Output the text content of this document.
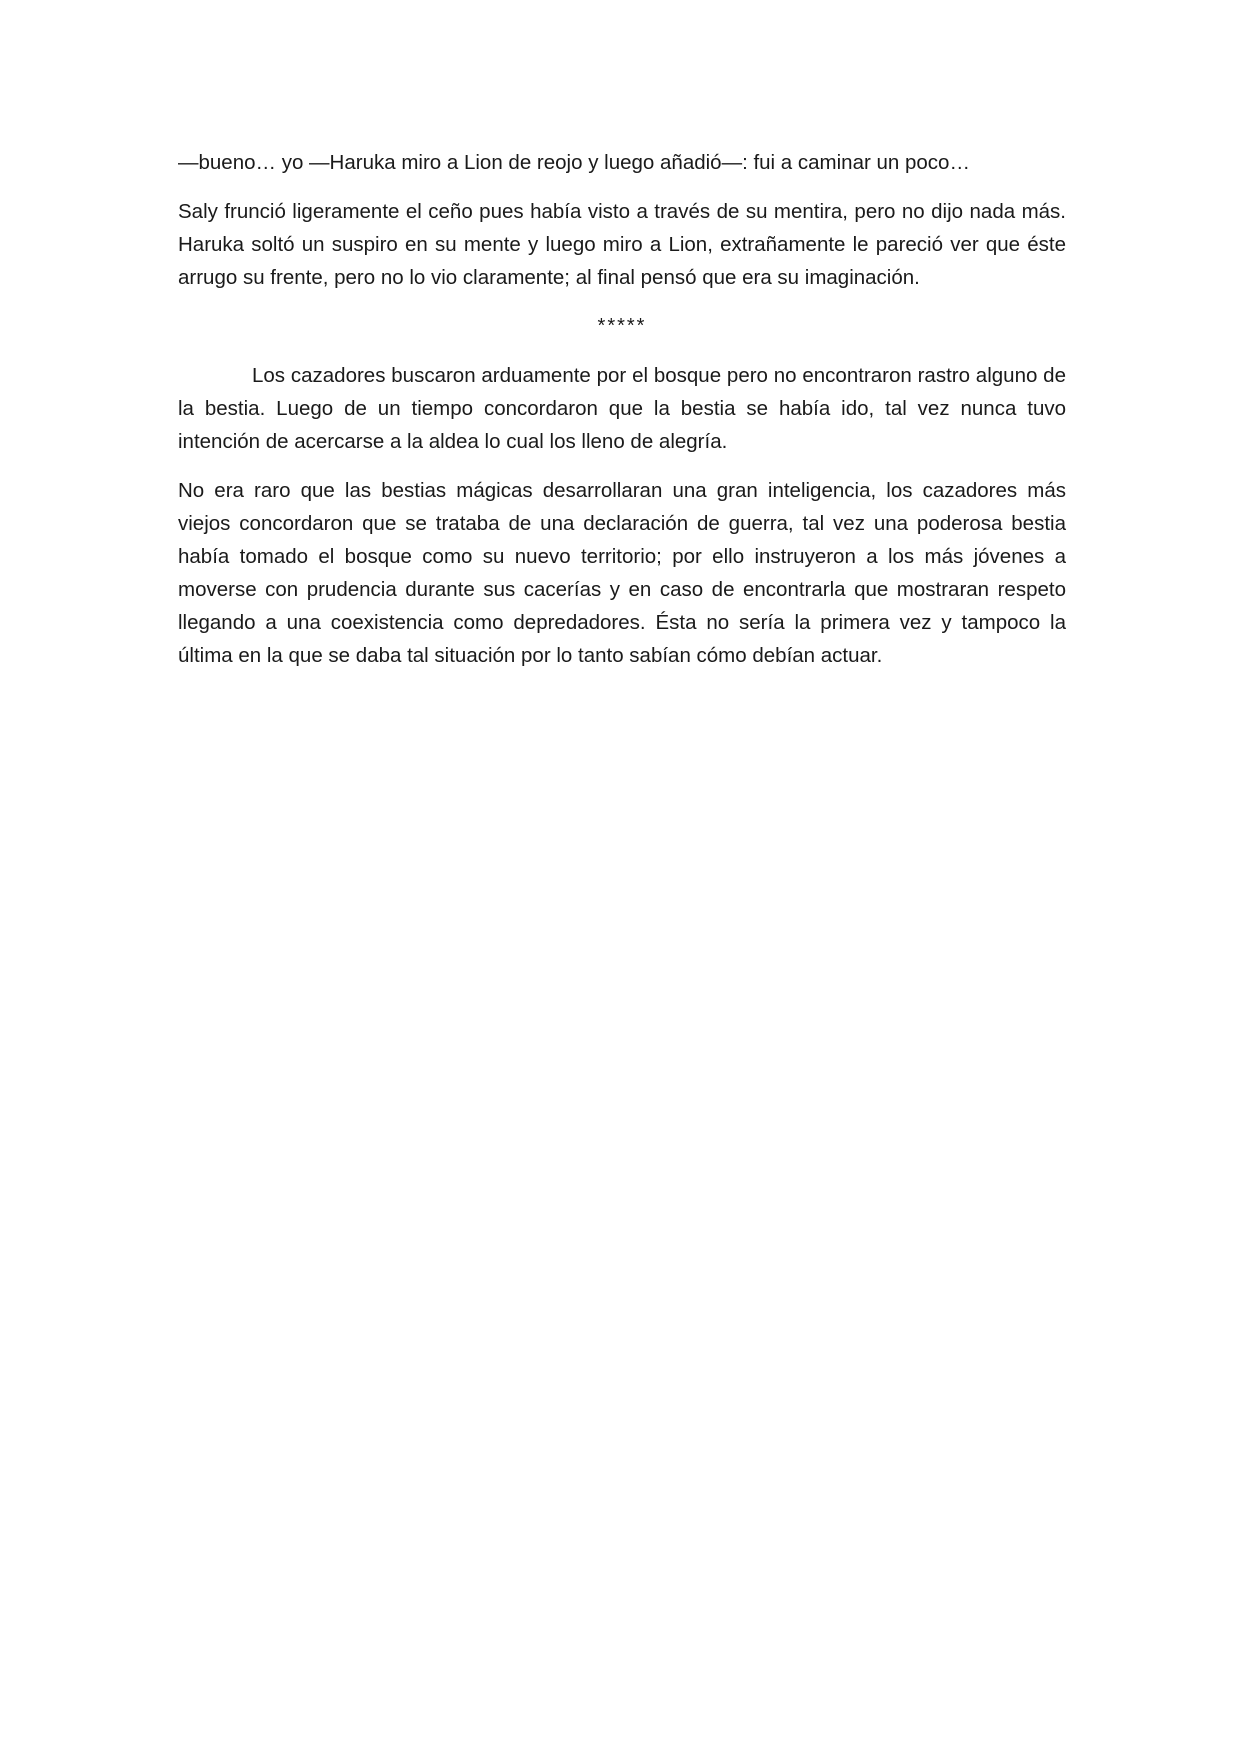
—bueno… yo —Haruka miro a Lion de reojo y luego añadió—: fui a caminar un poco…

Saly frunció ligeramente el ceño pues había visto a través de su mentira, pero no dijo nada más. Haruka soltó un suspiro en su mente y luego miro a Lion, extrañamente le pareció ver que éste arrugo su frente, pero no lo vio claramente; al final pensó que era su imaginación.

*****

Los cazadores buscaron arduamente por el bosque pero no encontraron rastro alguno de la bestia. Luego de un tiempo concordaron que la bestia se había ido, tal vez nunca tuvo intención de acercarse a la aldea lo cual los lleno de alegría.

No era raro que las bestias mágicas desarrollaran una gran inteligencia, los cazadores más viejos concordaron que se trataba de una declaración de guerra, tal vez una poderosa bestia había tomado el bosque como su nuevo territorio; por ello instruyeron a los más jóvenes a moverse con prudencia durante sus cacerías y en caso de encontrarla que mostraran respeto llegando a una coexistencia como depredadores. Ésta no sería la primera vez y tampoco la última en la que se daba tal situación por lo tanto sabían cómo debían actuar.
